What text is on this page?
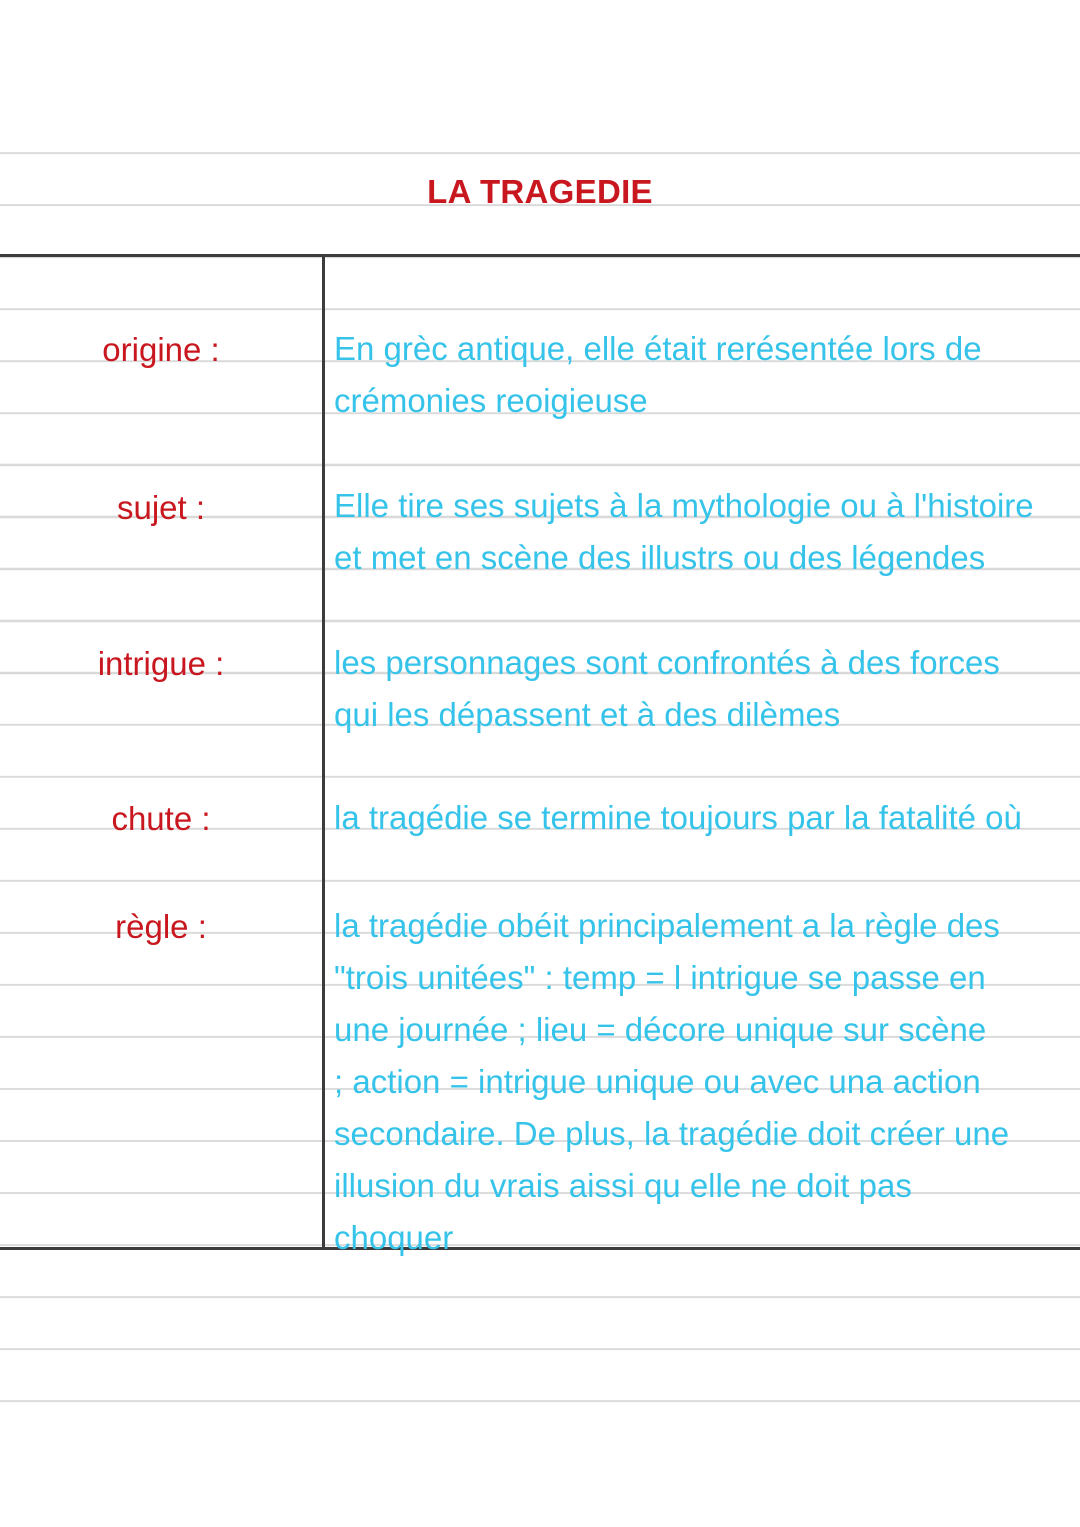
LA TRAGEDIE
origine :	En grèc antique, elle était rerésentée lors de
crémonies reoigieuse
sujet :	Elle tire ses sujets à la mythologie ou à l'histoire
et met en scène des illustrs ou des légendes
intrigue :	les personnages sont confrontés à des forces
qui les dépassent et à des dilèmes
chute :	la tragédie se termine toujours par la fatalité où
règle :	la tragédie obéit principalement a la règle des
"trois unitées" : temp = l intrigue se passe en
une journée ; lieu = décore unique sur scène
; action = intrigue unique ou avec una action
secondaire. De plus, la tragédie doit créer une
illusion du vrais aissi qu elle ne doit pas
choquer
